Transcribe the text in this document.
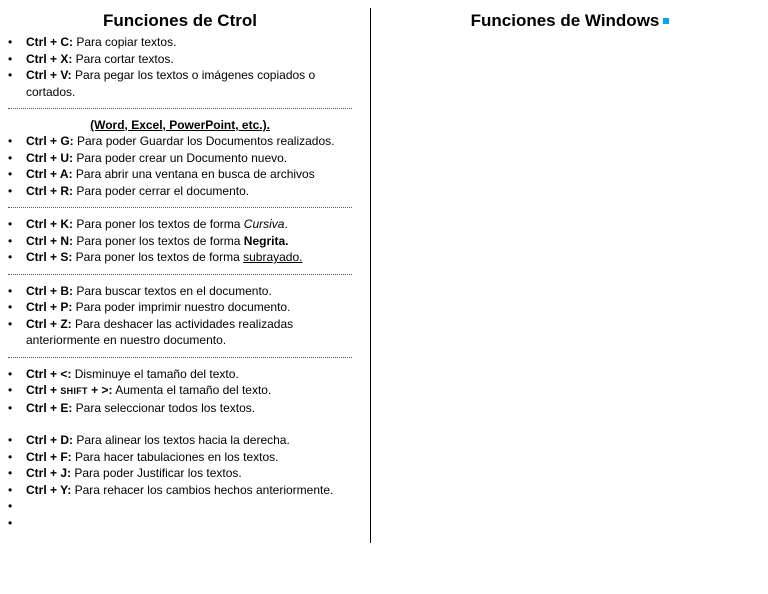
Funciones de Ctrol
•	Ctrl + C: Para copiar textos.
•	Ctrl + X: Para cortar textos.
•	Ctrl + V: Para pegar los textos o imágenes copiados o cortados.
(Word, Excel, PowerPoint, etc.).
•	Ctrl + G: Para poder Guardar los Documentos realizados.
•	Ctrl + U: Para poder crear un Documento nuevo.
•	Ctrl + A: Para abrir una ventana en busca de archivos
•	Ctrl + R: Para poder cerrar el documento.
•	Ctrl + K: Para poner los textos de forma Cursiva.
•	Ctrl + N: Para poner los textos de forma Negrita.
•	Ctrl + S: Para poner los textos de forma subrayado.
•	Ctrl + B: Para buscar textos en el documento.
•	Ctrl + P: Para poder imprimir nuestro documento.
•	Ctrl + Z: Para deshacer las actividades realizadas anteriormente en nuestro documento.
•	Ctrl + <: Disminuye el tamaño del texto.
•	Ctrl + SHIFT + >: Aumenta el tamaño del texto.
•	Ctrl + E: Para seleccionar todos los textos.
•	Ctrl + D: Para alinear los textos hacia la derecha.
•	Ctrl + F: Para hacer tabulaciones en los textos.
•	Ctrl + J: Para poder Justificar los textos.
•	Ctrl + Y: Para rehacer los cambios hechos anteriormente.
•

•

Funciones de Windows
